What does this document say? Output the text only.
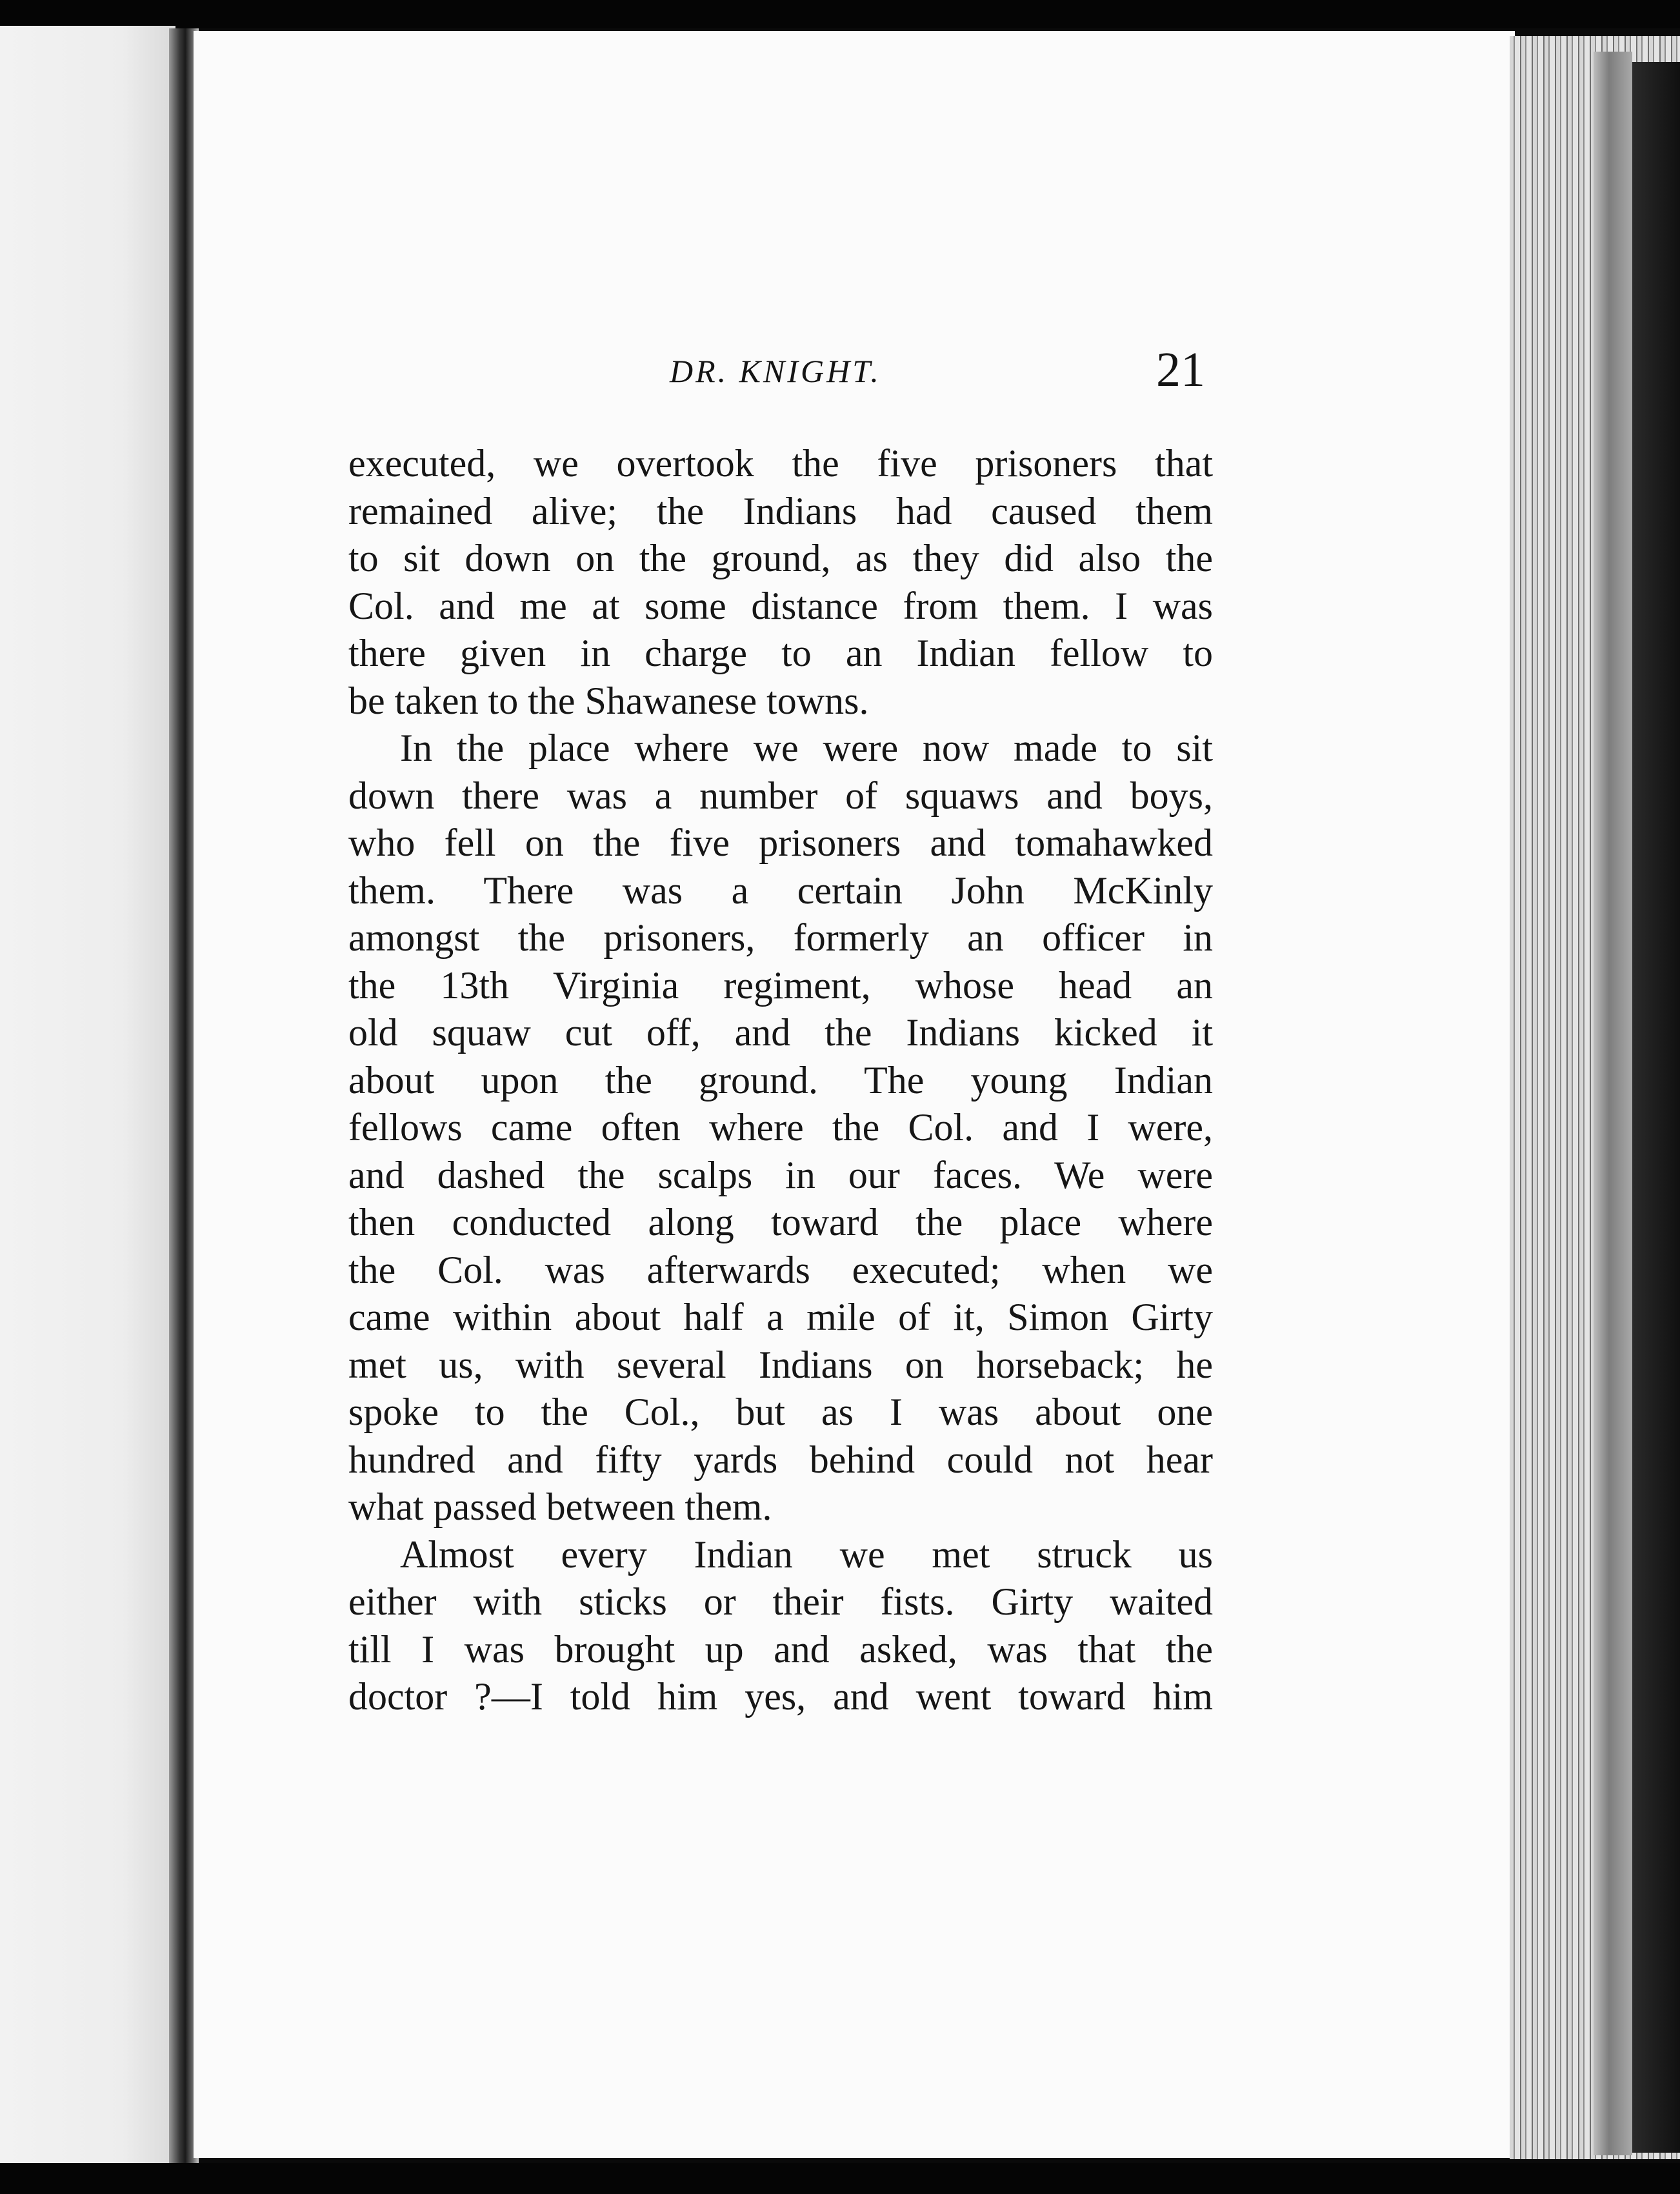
DR. KNIGHT.	21
executed, we overtook the five prisoners that
remained alive; the Indians had caused them
to sit down on the ground, as they did also the
Col. and me at some distance from them. I was
there given in charge to an Indian fellow to
be taken to the Shawanese towns.
In the place where we were now made to sit
down there was a number of squaws and boys,
who fell on the five prisoners and tomahawked
them. There was a certain John McKinly
amongst the prisoners, formerly an officer in
the 13th Virginia regiment, whose head an
old squaw cut off, and the Indians kicked it
about upon the ground. The young Indian
fellows came often where the Col. and I were,
and dashed the scalps in our faces. We were
then conducted along toward the place where
the Col. was afterwards executed; when we
came within about half a mile of it, Simon Girty
met us, with several Indians on horseback; he
spoke to the Col., but as I was about one
hundred and fifty yards behind could not hear
what passed between them.
Almost every Indian we met struck us
either with sticks or their fists. Girty waited
till I was brought up and asked, was that the
doctor ?—I told him yes, and went toward him
